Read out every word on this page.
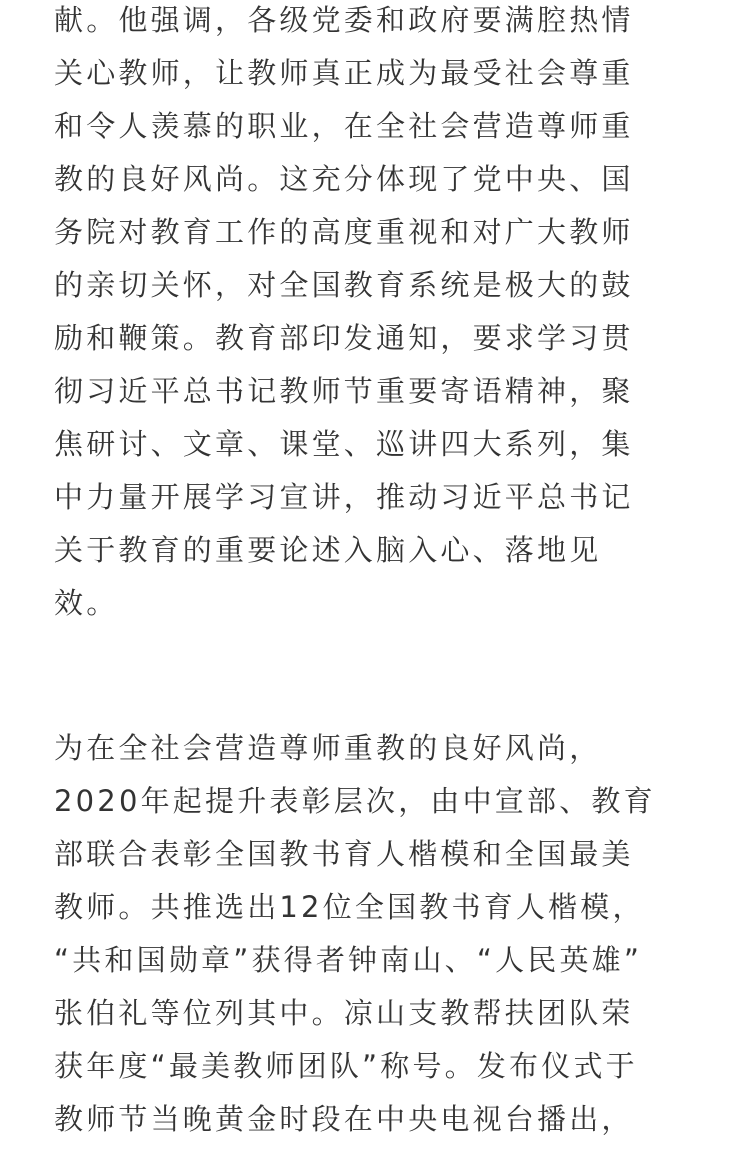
献。他强调，各级党委和政府要满腔热情
关心教师，让教师真正成为最受社会尊重
和令人羡慕的职业，在全社会营造尊师重
教的良好风尚。这充分体现了党中央、国
务院对教育工作的高度重视和对广大教师
的亲切关怀，对全国教育系统是极大的鼓
励和鞭策。教育部印发通知，要求学习贯
彻习近平总书记教师节重要寄语精神，聚
焦研讨、文章、课堂、巡讲四大系列，集
中力量开展学习宣讲，推动习近平总书记
关于教育的重要论述入脑入心、落地见
效。
为在全社会营造尊师重教的良好风尚，
2020年起提升表彰层次，由中宣部、教育
部联合表彰全国教书育人楷模和全国最美
教师。共推选出12位全国教书育人楷模，
“共和国勋章”获得者钟南山、“人民英雄”
张伯礼等位列其中。凉山支教帮扶团队荣
获年度“最美教师团队”称号。发布仪式于
教师节当晚黄金时段在中央电视台播出，
